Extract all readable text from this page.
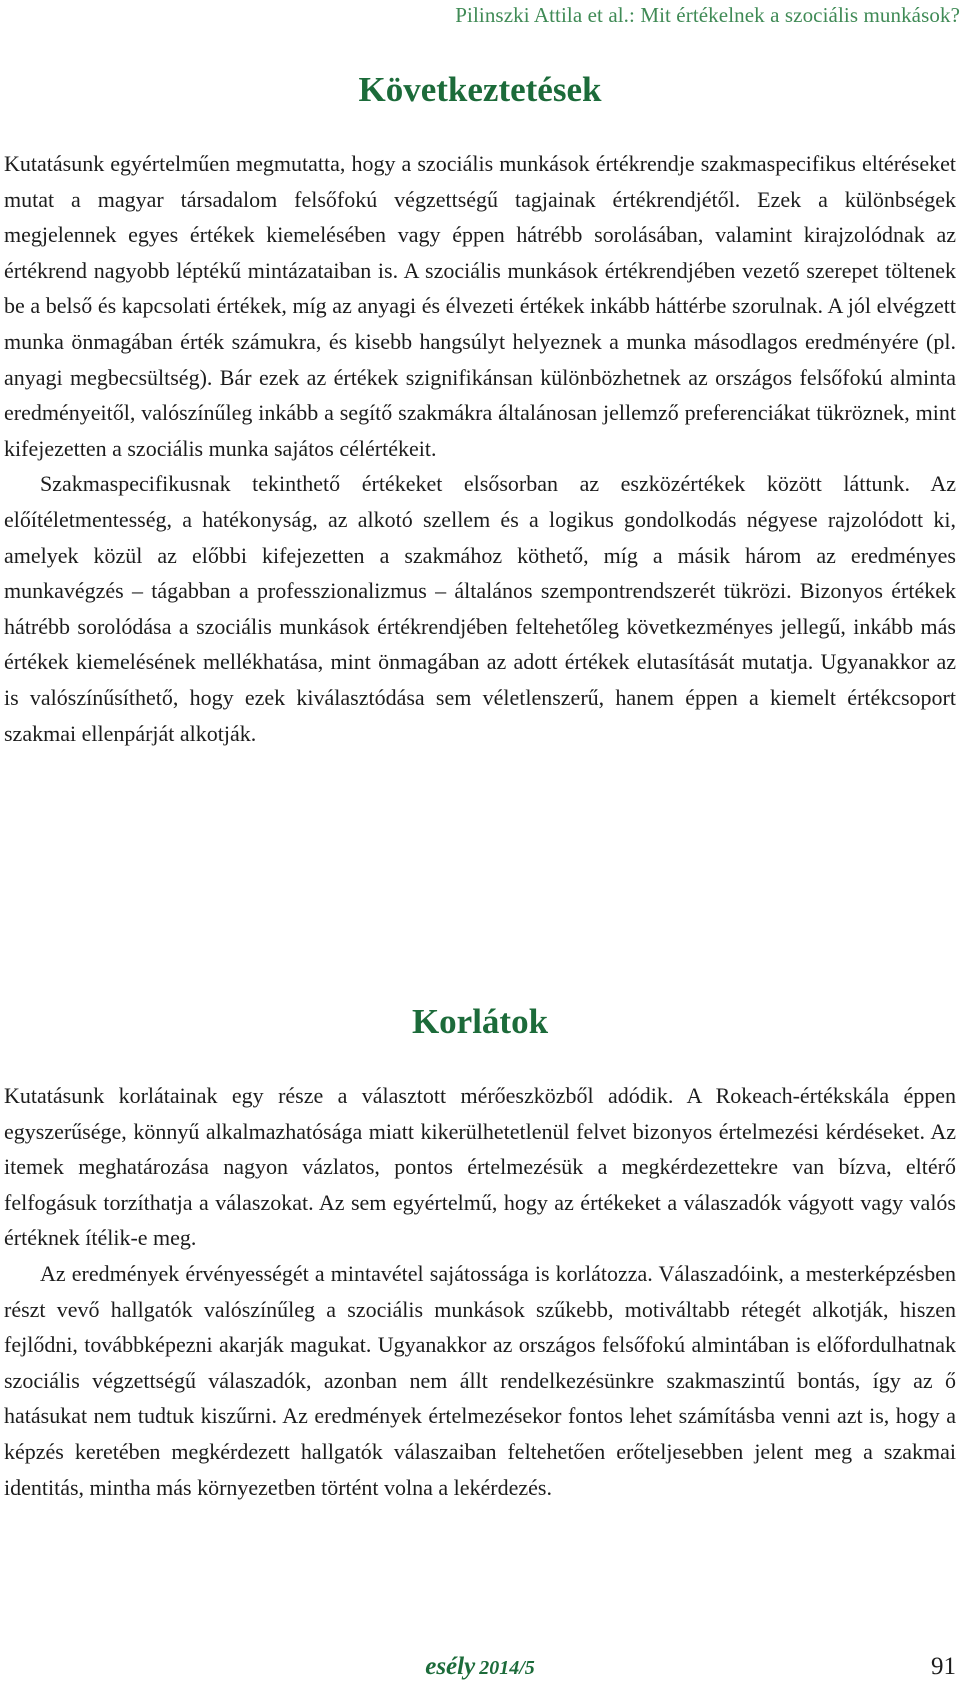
Pilinszki Attila et al.: Mit értékelnek a szociális munkások?
Következtetések

Kutatásunk egyértelműen megmutatta, hogy a szociális munkások értékrendje szakmaspecifikus eltéréseket mutat a magyar társadalom felsőfokú végzettségű tagjainak értékrendjétől. Ezek a különbségek megjelennek egyes értékek kiemelésében vagy éppen hátrébb sorolásában, valamint kirajzolódnak az értékrend nagyobb léptékű mintázataiban is. A szociális munkások értékrendjében vezető szerepet töltenek be a belső és kapcsolati értékek, míg az anyagi és élvezeti értékek inkább háttérbe szorulnak. A jól elvégzett munka önmagában érték számukra, és kisebb hangsúlyt helyeznek a munka másodlagos eredményére (pl. anyagi megbecsültség). Bár ezek az értékek szignifikánsan különbözhetnek az országos felsőfokú alminta eredményeitől, valószínűleg inkább a segítő szakmákra általánosan jellemző preferenciákat tükröznek, mint kifejezetten a szociális munka sajátos célértékeit.

Szakmaspecifikusnak tekinthető értékeket elsősorban az eszközértékek között láttunk. Az előítéletmentesség, a hatékonyság, az alkotó szellem és a logikus gondolkodás négyese rajzolódott ki, amelyek közül az előbbi kifejezetten a szakmához köthető, míg a másik három az eredményes munkavégzés – tágabban a professzionalizmus – általános szempontrendszerét tükrözi. Bizonyos értékek hátrébb sorolódása a szociális munkások értékrendjében feltehetőleg következményes jellegű, inkább más értékek kiemelésének mellékhatása, mint önmagában az adott értékek elutasítását mutatja. Ugyanakkor az is valószínűsíthető, hogy ezek kiválasztódása sem véletlenszerű, hanem éppen a kiemelt értékcsoport szakmai ellenpárját alkotják.

Korlátok

Kutatásunk korlátainak egy része a választott mérőeszközből adódik. A Rokeach-értékskála éppen egyszerűsége, könnyű alkalmazhatósága miatt kikerülhetetlenül felvet bizonyos értelmezési kérdéseket. Az itemek meghatározása nagyon vázlatos, pontos értelmezésük a megkérdezettekre van bízva, eltérő felfogásuk torzíthatja a válaszokat. Az sem egyértelmű, hogy az értékeket a válaszadók vágyott vagy valós értéknek ítélik-e meg.

Az eredmények érvényességét a mintavétel sajátossága is korlátozza. Válaszadóink, a mesterképzésben részt vevő hallgatók valószínűleg a szociális munkások szűkebb, motiváltabb rétegét alkotják, hiszen fejlődni, továbbképezni akarják magukat. Ugyanakkor az országos felsőfokú almintában is előfordulhatnak szociális végzettségű válaszadók, azonban nem állt rendelkezésünkre szakmaszintű bontás, így az ő hatásukat nem tudtuk kiszűrni. Az eredmények értelmezésekor fontos lehet számításba venni azt is, hogy a képzés keretében megkérdezett hallgatók válaszaiban feltehetően erőteljesebben jelent meg a szakmai identitás, mintha más környezetben történt volna a lekérdezés.

esély 2014/5	91
